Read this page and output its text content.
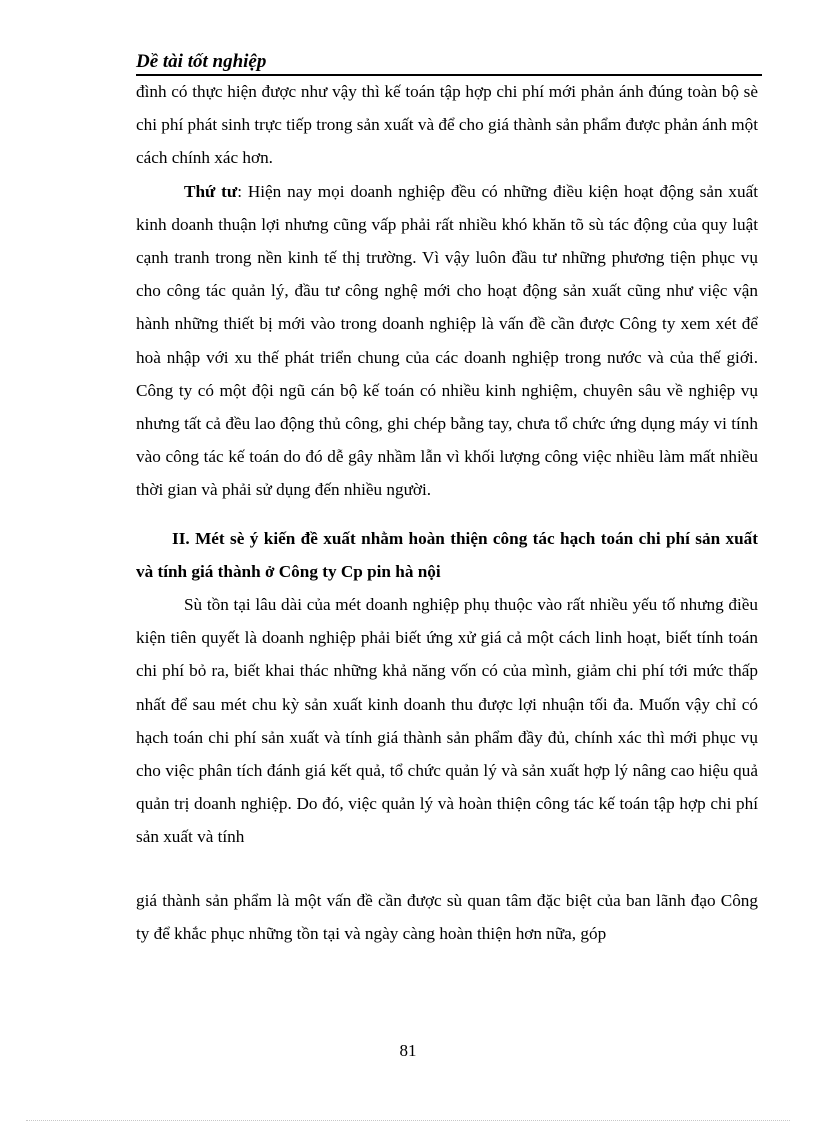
Dề tài tốt nghiệp

đình có thực hiện được như vậy thì kế toán tập hợp chi phí mới phản ánh đúng toàn bộ sè chi phí phát sinh trực tiếp trong sản xuất và để cho giá thành sản phẩm được phản ánh một cách chính xác hơn.

Thứ tư: Hiện nay mọi doanh nghiệp đều có những điều kiện hoạt động sản xuất kinh doanh thuận lợi nhưng cũng vấp phải rất nhiều khó khăn tõ sù tác động của quy luật cạnh tranh trong nền kinh tế thị trường. Vì vậy luôn đầu tư những phương tiện phục vụ cho công tác quản lý, đầu tư công nghệ mới cho hoạt động sản xuất cũng như việc vận hành những thiết bị mới vào trong doanh nghiệp là vấn đề cần được Công ty xem xét để hoà nhập với xu thế phát triển chung của các doanh nghiệp trong nước và của thế giới. Công ty có một đội ngũ cán bộ kế toán có nhiều kinh nghiệm, chuyên sâu về nghiệp vụ nhưng tất cả đều lao động thủ công, ghi chép bằng tay, chưa tổ chức ứng dụng máy vi tính vào công tác kế toán do đó dễ gây nhầm lẫn vì khối lượng công việc nhiều làm mất nhiều thời gian và phải sử dụng đến nhiều người.

II. Mét sè ý kiến đề xuất nhằm hoàn thiện công tác hạch toán chi phí sản xuất và tính giá thành ở Công ty Cp pin hà nội

Sù tồn tại lâu dài của mét doanh nghiệp phụ thuộc vào rất nhiều yếu tố nhưng điều kiện tiên quyết là doanh nghiệp phải biết ứng xử giá cả một cách linh hoạt, biết tính toán chi phí bỏ ra, biết khai thác những khả năng vốn có của mình, giảm chi phí tới mức thấp nhất để sau mét chu kỳ sản xuất kinh doanh thu được lợi nhuận tối đa. Muốn vậy chỉ có hạch toán chi phí sản xuất và tính giá thành sản phẩm đầy đủ, chính xác thì mới phục vụ cho việc phân tích đánh giá kết quả, tổ chức quản lý và sản xuất hợp lý nâng cao hiệu quả quản trị doanh nghiệp. Do đó, việc quản lý và hoàn thiện công tác kế toán tập hợp chi phí sản xuất và tính

giá thành sản phẩm là một vấn đề cần được sù quan tâm đặc biệt của ban lãnh đạo Công ty để khắc phục những tồn tại và ngày càng hoàn thiện hơn nữa, góp

81
